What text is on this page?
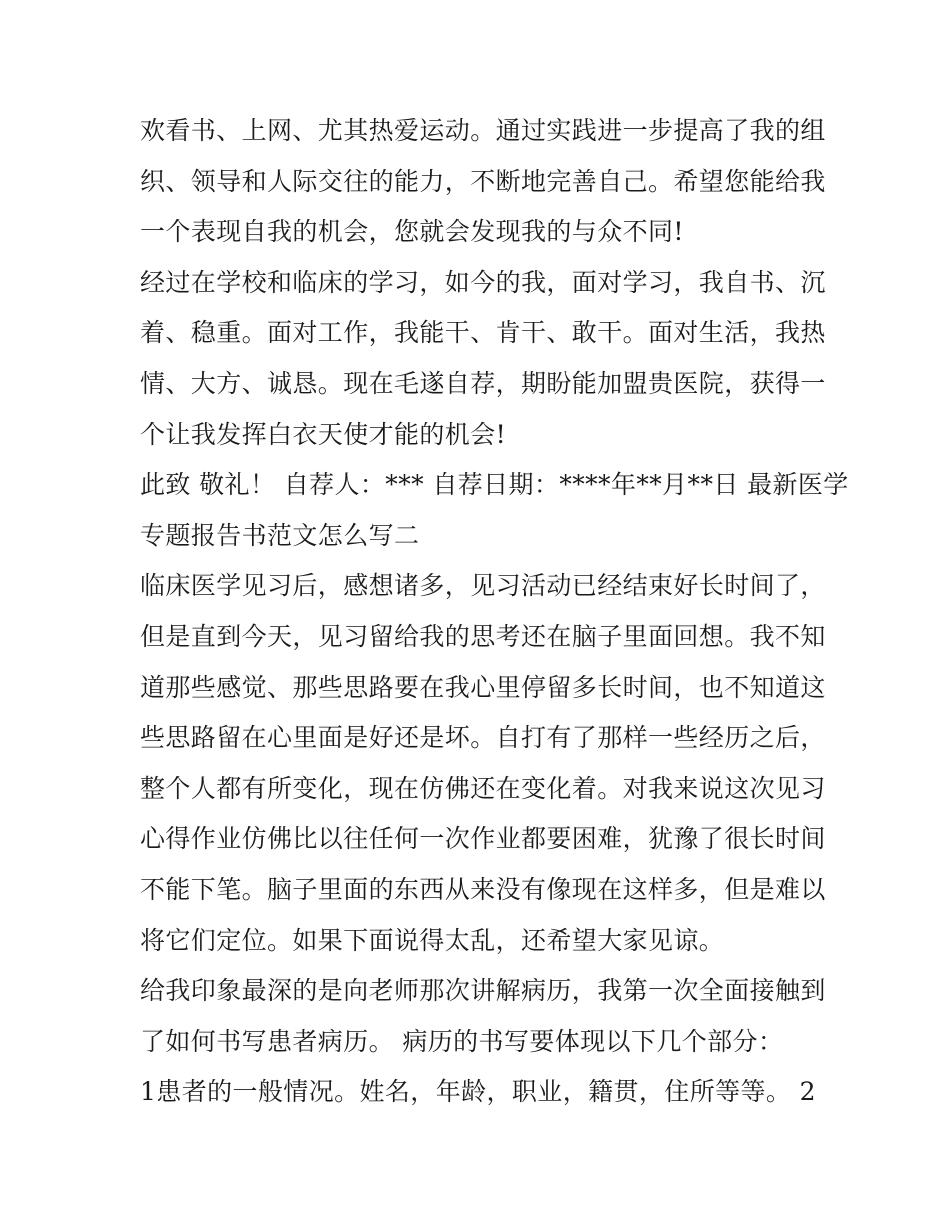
欢看书、上网、尤其热爱运动。通过实践进一步提高了我的组
织、领导和人际交往的能力，不断地完善自己。希望您能给我
一个表现自我的机会，您就会发现我的与众不同!
经过在学校和临床的学习，如今的我，面对学习，我自书、沉
着、稳重。面对工作，我能干、肯干、敢干。面对生活，我热
情、大方、诚恳。现在毛遂自荐，期盼能加盟贵医院，获得一
个让我发挥白衣天使才能的机会!
此致 敬礼！ 自荐人：*** 自荐日期：****年**月**日 最新医学
专题报告书范文怎么写二
临床医学见习后，感想诸多，见习活动已经结束好长时间了，
但是直到今天，见习留给我的思考还在脑子里面回想。我不知
道那些感觉、那些思路要在我心里停留多长时间，也不知道这
些思路留在心里面是好还是坏。自打有了那样一些经历之后，
整个人都有所变化，现在仿佛还在变化着。对我来说这次见习
心得作业仿佛比以往任何一次作业都要困难，犹豫了很长时间
不能下笔。脑子里面的东西从来没有像现在这样多，但是难以
将它们定位。如果下面说得太乱，还希望大家见谅。
给我印象最深的是向老师那次讲解病历，我第一次全面接触到
了如何书写患者病历。 病历的书写要体现以下几个部分：
1患者的一般情况。姓名，年龄，职业，籍贯，住所等等。 2
